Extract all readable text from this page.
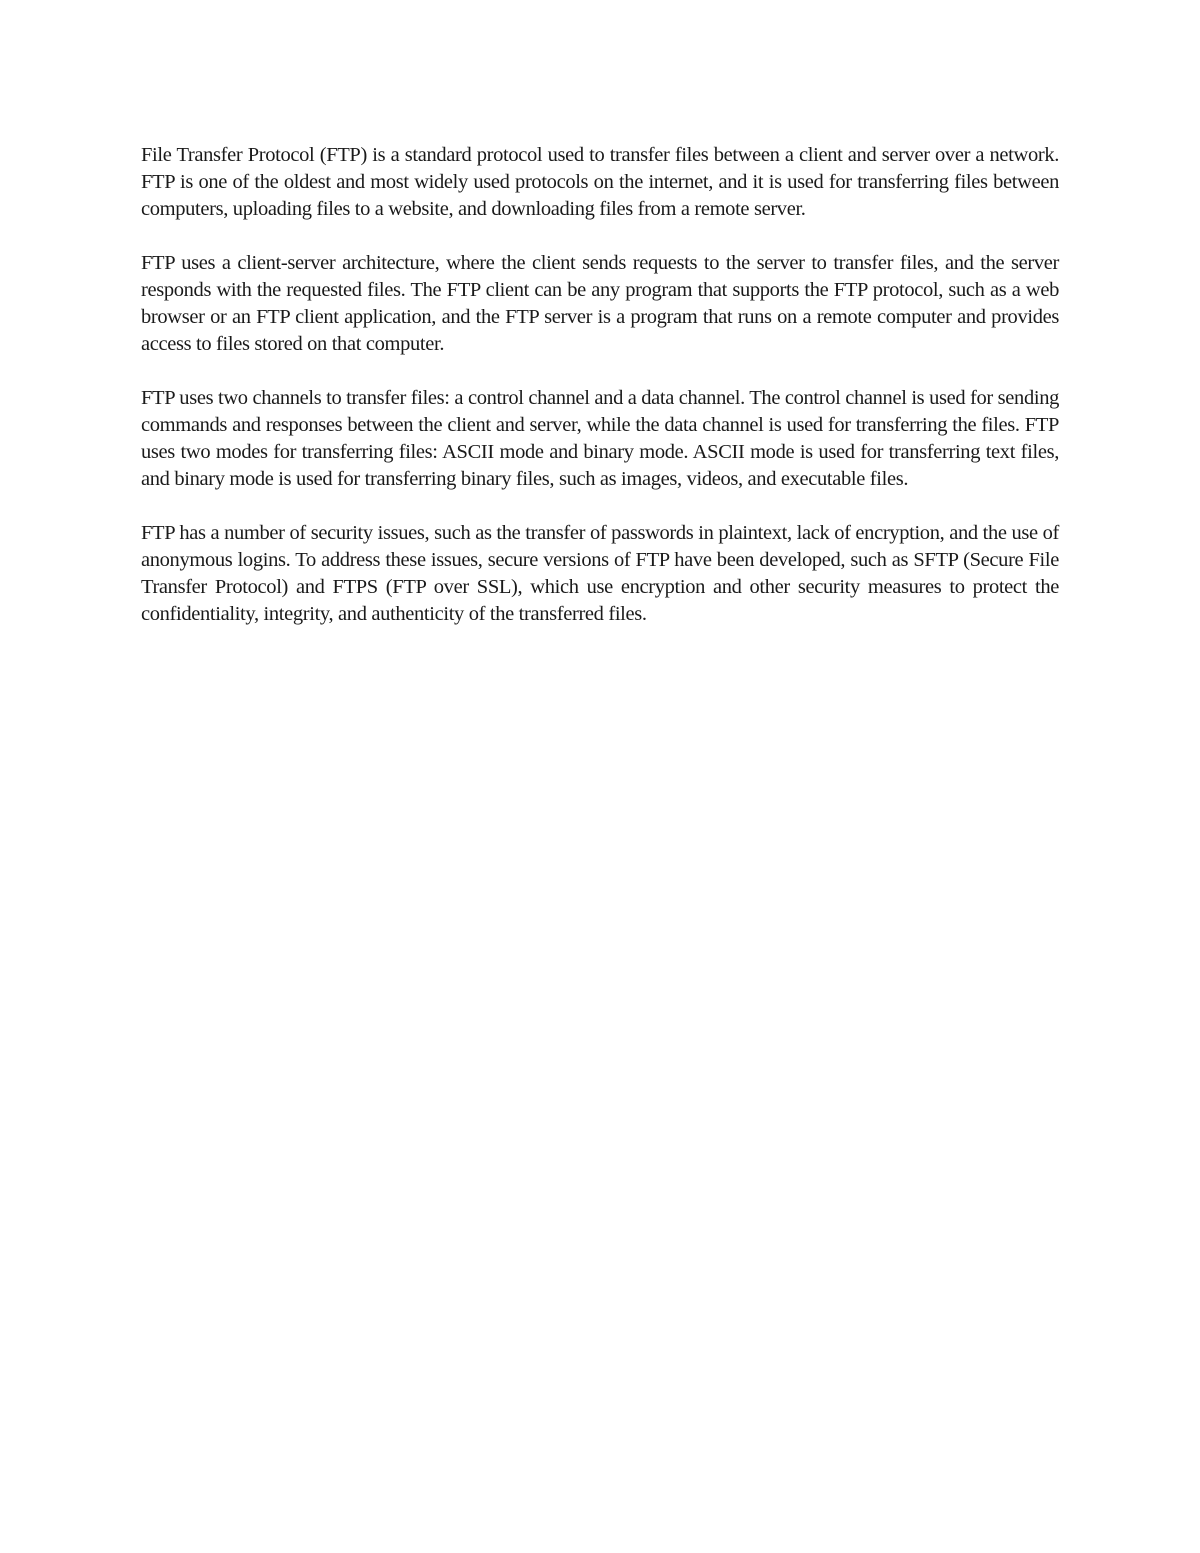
File Transfer Protocol (FTP) is a standard protocol used to transfer files between a client and server over a network. FTP is one of the oldest and most widely used protocols on the internet, and it is used for transferring files between computers, uploading files to a website, and downloading files from a remote server.

FTP uses a client-server architecture, where the client sends requests to the server to transfer files, and the server responds with the requested files. The FTP client can be any program that supports the FTP protocol, such as a web browser or an FTP client application, and the FTP server is a program that runs on a remote computer and provides access to files stored on that computer.

FTP uses two channels to transfer files: a control channel and a data channel. The control channel is used for sending commands and responses between the client and server, while the data channel is used for transferring the files. FTP uses two modes for transferring files: ASCII mode and binary mode. ASCII mode is used for transferring text files, and binary mode is used for transferring binary files, such as images, videos, and executable files.

FTP has a number of security issues, such as the transfer of passwords in plaintext, lack of encryption, and the use of anonymous logins. To address these issues, secure versions of FTP have been developed, such as SFTP (Secure File Transfer Protocol) and FTPS (FTP over SSL), which use encryption and other security measures to protect the confidentiality, integrity, and authenticity of the transferred files.
